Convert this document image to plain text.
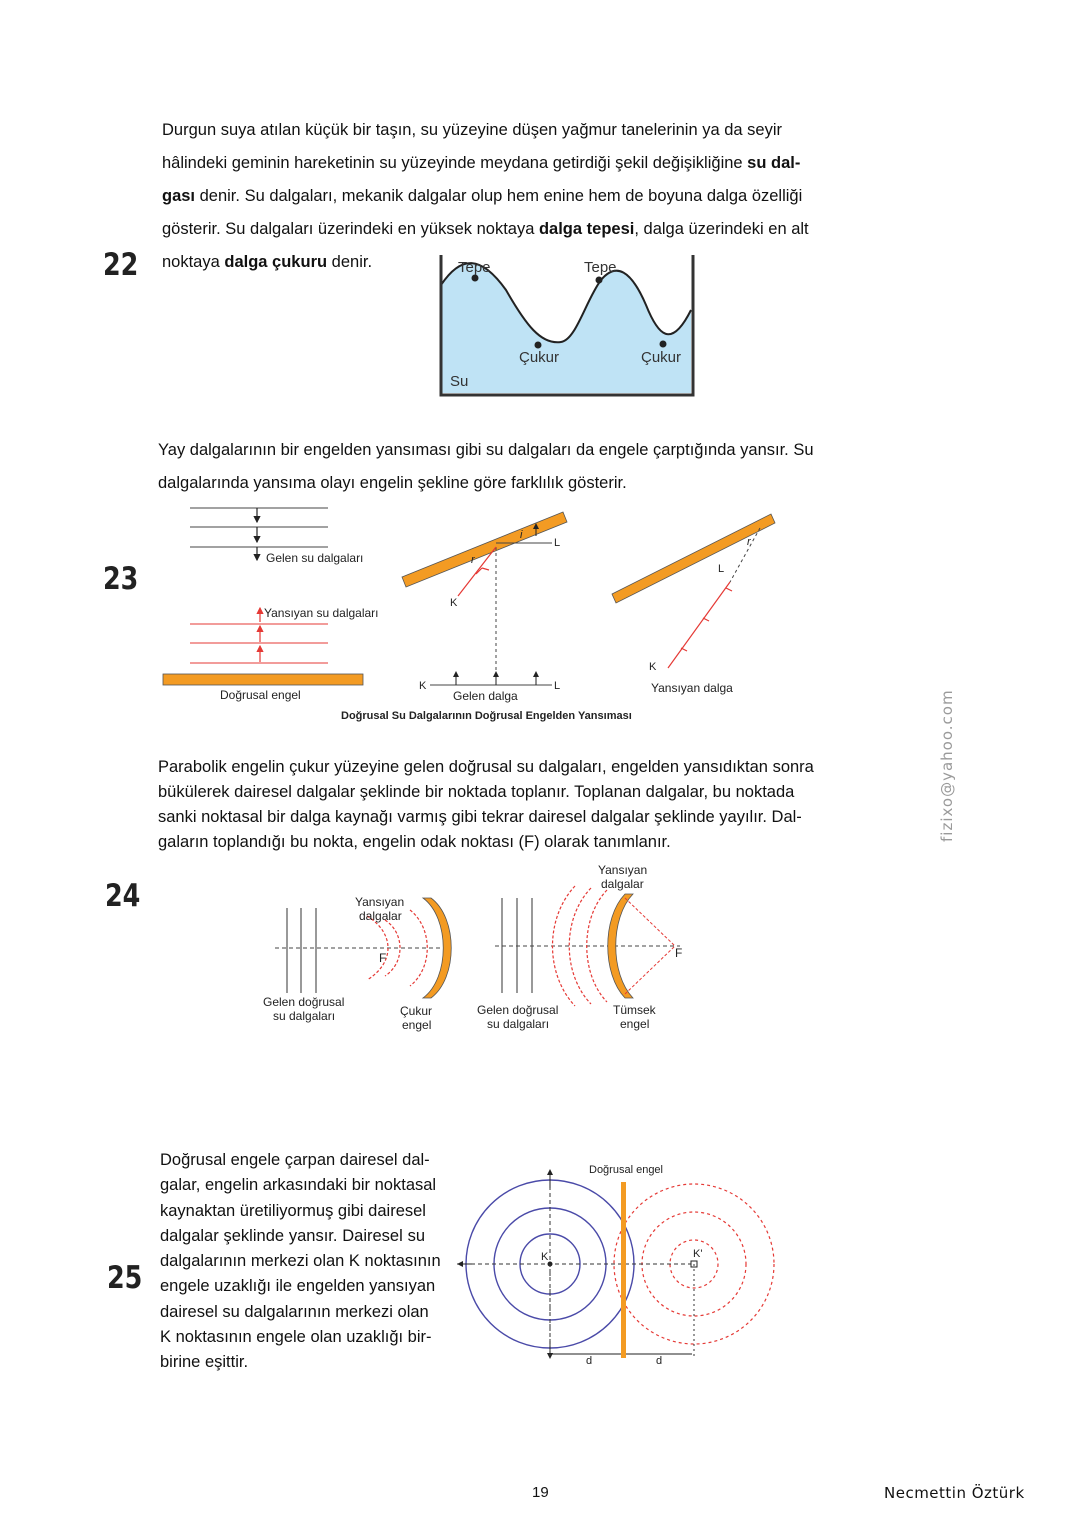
22
23
24
25
Durgun suya atılan küçük bir taşın, su yüzeyine düşen yağmur tanelerinin ya da seyir
hâlindeki geminin hareketinin su yüzeyinde meydana getirdiği şekil değişikliğine su dal-
gası denir. Su dalgaları, mekanik dalgalar olup hem enine hem de boyuna dalga özelliği
gösterir. Su dalgaları üzerindeki en yüksek noktaya dalga tepesi, dalga üzerindeki en alt
noktaya dalga çukuru denir.
Yay dalgalarının bir engelden yansıması gibi su dalgaları da engele çarptığında yansır. Su
dalgalarında yansıma olayı engelin şekline göre farklılık gösterir.
Parabolik engelin çukur yüzeyine gelen doğrusal su dalgaları, engelden yansıdıktan sonra
bükülerek dairesel dalgalar şeklinde bir noktada toplanır. Toplanan dalgalar, bu noktada
sanki noktasal bir dalga kaynağı varmış gibi tekrar dairesel dalgalar şeklinde yayılır. Dal-
gaların toplandığı bu nokta, engelin odak noktası (F) olarak tanımlanır.
Doğrusal engele çarpan dairesel dal-
galar, engelin arkasındaki bir noktasal
kaynaktan üretiliyormuş gibi dairesel
dalgalar şeklinde yansır. Dairesel su
dalgalarının merkezi olan K noktasının
engele uzaklığı ile engelden yansıyan
dairesel su dalgalarının merkezi olan
K noktasının engele olan uzaklığı bir-
birine eşittir.
Tepe	Tepe
Çukur	Çukur
Su
Gelen su dalgaları
Yansıyan su dalgaları
Doğrusal engel
i
r
K
L
K	L
Gelen dalga
r
L
K
Yansıyan dalga
Doğrusal Su Dalgalarının Doğrusal Engelden Yansıması
Yansıyan
dalgalar
F
Gelen doğrusal
su dalgaları	Çukur
engel
Yansıyan
dalgalar
F
Gelen doğrusal
su dalgaları
Tümsek
engel
Doğrusal engel
K	K'
d	d
fizixo@yahoo.com
19	Necmettin Öztürk
